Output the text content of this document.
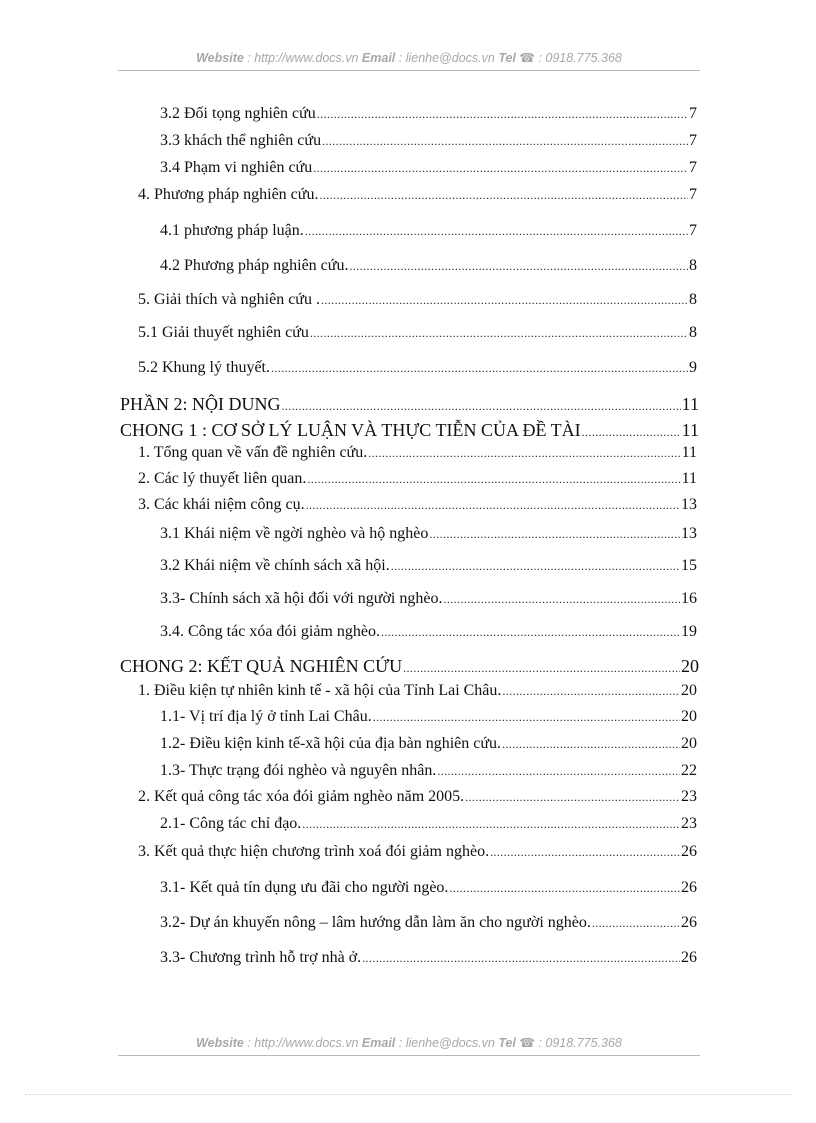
Website : http://www.docs.vn Email : lienhe@docs.vn Tel ☎ : 0918.775.368
3.2 Đối tọng nghiên cứu .....	7
3.3 khách thể nghiên cứu .....	7
3.4 Phạm vi nghiên cứu .....	7
4. Phương pháp nghiên cứu. .....	7
4.1 phương pháp luận. .....	7
4.2 Phương pháp nghiên cứu. .....	8
5. Giải thích và nghiên cứu . .....	8
5.1 Giải thuyết nghiên cứu .....	8
5.2 Khung lý thuyết. .....	9
PHẦN 2: NỘI DUNG .....	11
CHONG 1 : CƠ SỞ LÝ LUẬN VÀ THỰC TIỄN CỦA ĐỀ TÀI .....	11
1. Tổng quan về vấn đề nghiên cứu. .....	11
2. Các lý thuyết liên quan. .....	11
3. Các khái niệm công cụ. .....	13
3.1 Khái niệm về ngời nghèo và hộ nghèo .....	13
3.2 Khái niệm về chính sách xã hội. .....	15
3.3- Chính sách xã hội đối với người nghèo. .....	16
3.4. Công tác xóa đói giảm nghèo. .....	19
CHONG 2: KẾT QUẢ NGHIÊN CỨU .....	20
1. Điều kiện tự nhiên kinh tế - xã hội của Tỉnh Lai Châu. .....	20
1.1- Vị trí địa lý ở tỉnh Lai Châu. .....	20
1.2- Điều kiện kinh tế-xã hội của địa bàn nghiên cứu. .....	20
1.3- Thực trạng đói nghèo và nguyên nhân. .....	22
2. Kết quả công tác xóa đói giảm nghèo năm 2005. .....	23
2.1- Công tác chỉ đạo. .....	23
3. Kết quả thực hiện chương trình xoá đói giảm nghèo. .....	26
3.1- Kết quả tín dụng ưu đãi cho người ngèo. .....	26
3.2- Dự án khuyến nông – lâm hướng dẫn làm ăn cho người nghèo. .....	26
3.3- Chương trình hỗ trợ nhà ở. .....	26
Website : http://www.docs.vn Email : lienhe@docs.vn Tel ☎ : 0918.775.368
